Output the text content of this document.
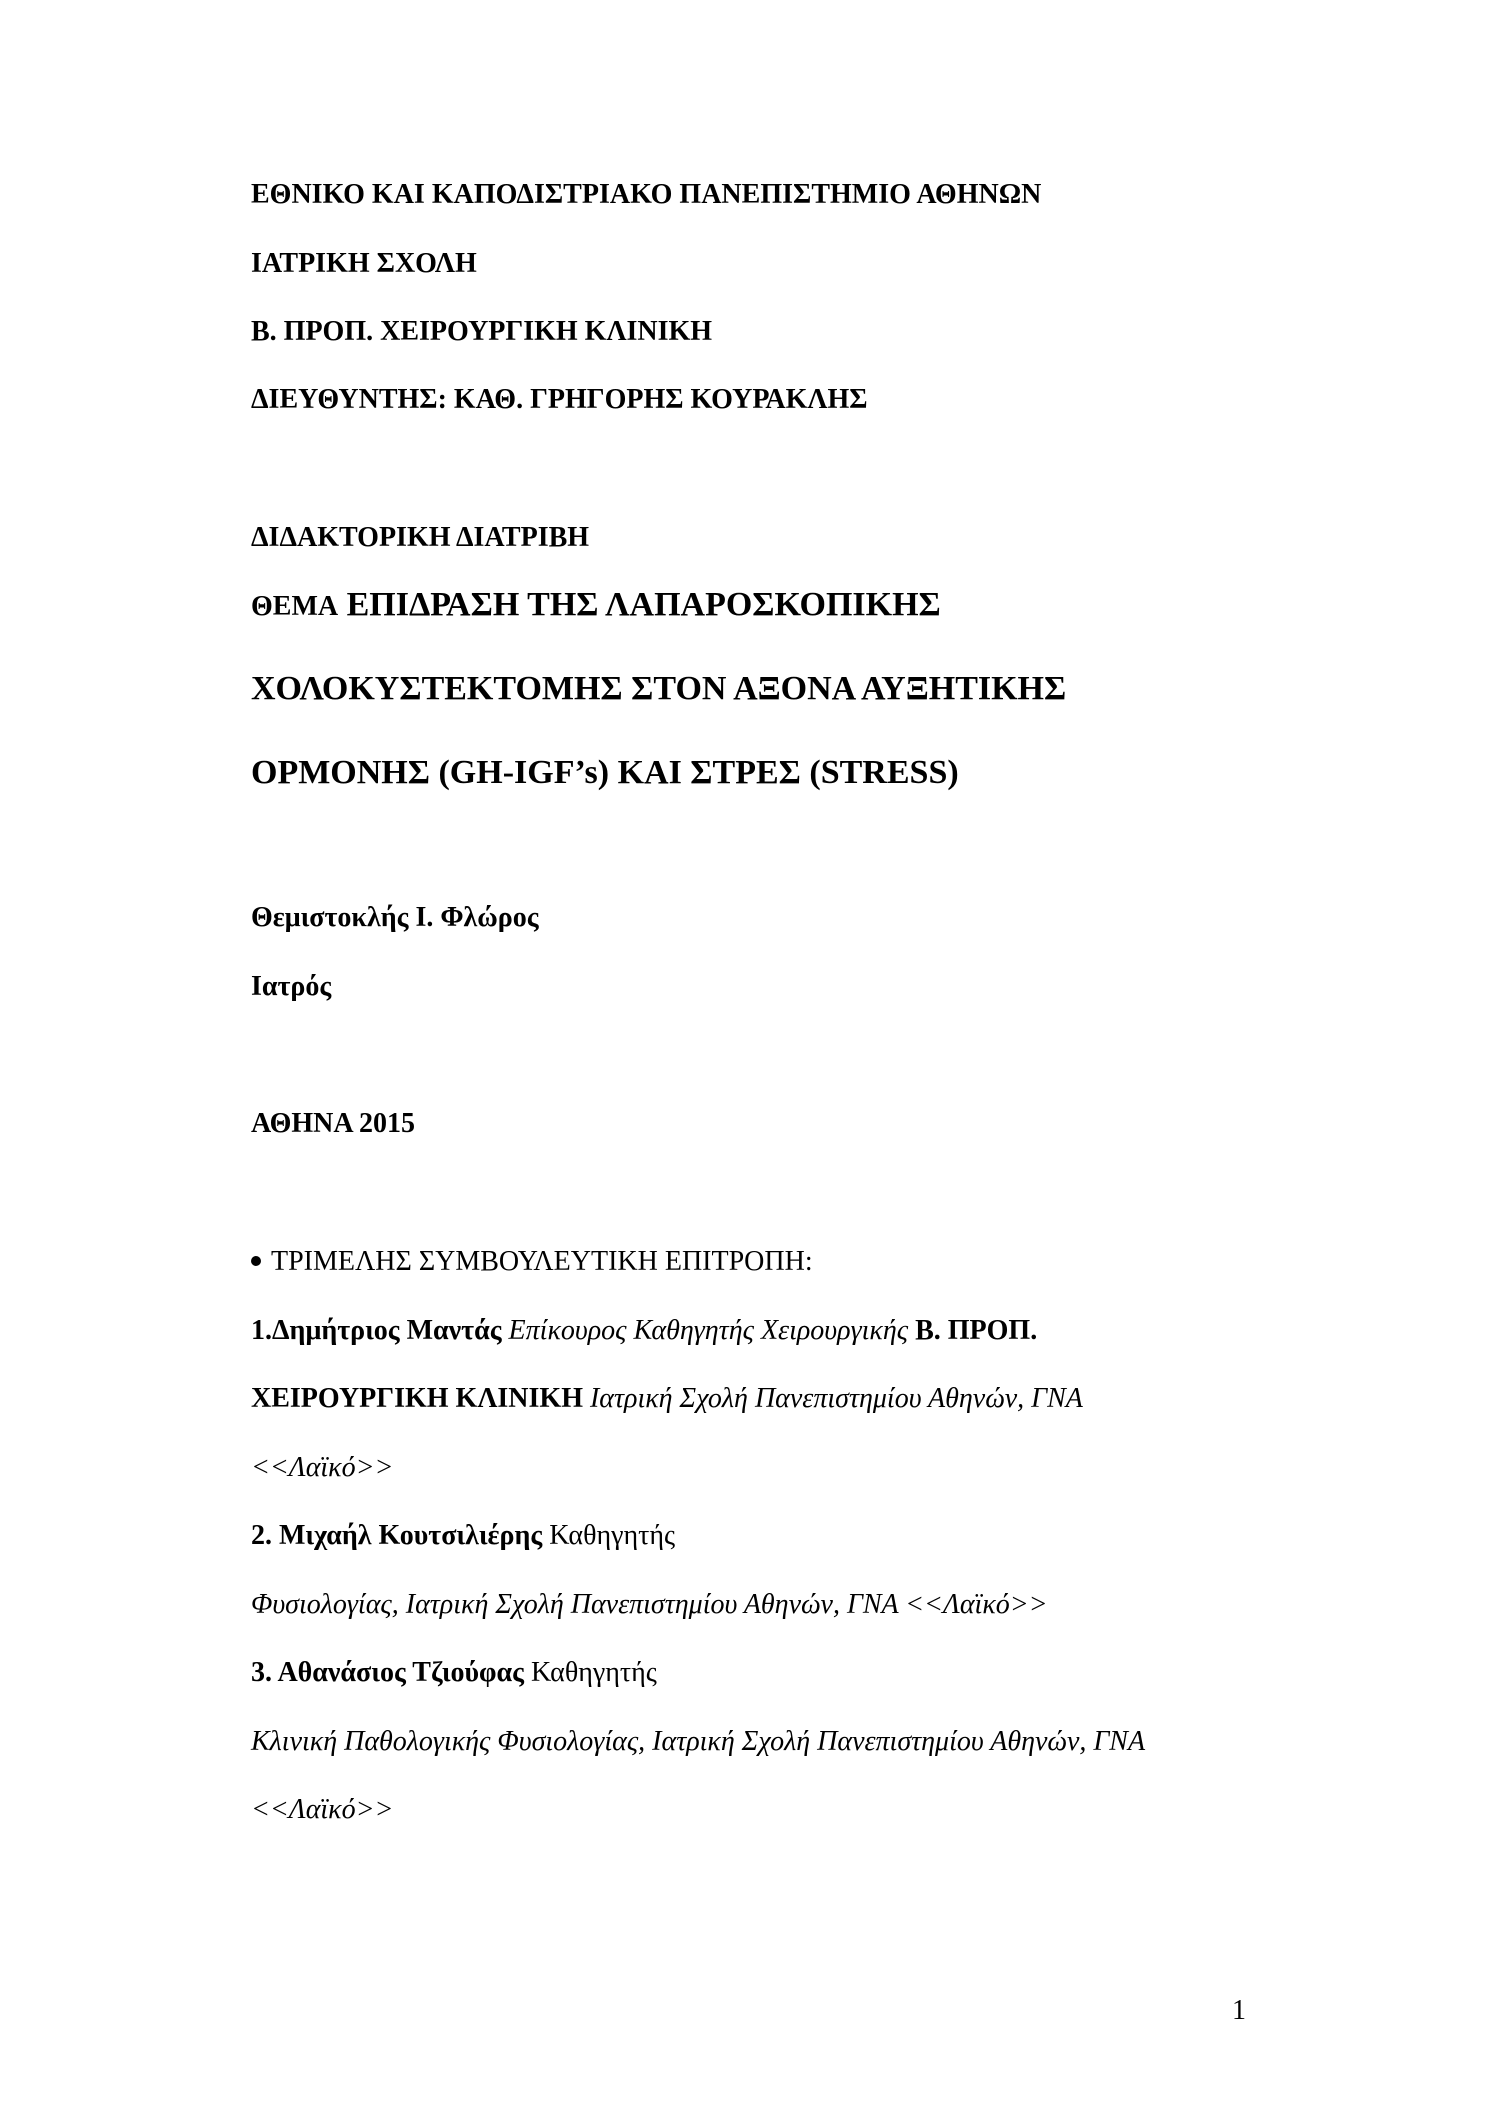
ΕΘΝΙΚΟ ΚΑΙ ΚΑΠΟΔΙΣΤΡΙΑΚΟ ΠΑΝΕΠΙΣΤΗΜΙΟ ΑΘΗΝΩΝ
ΙΑΤΡΙΚΗ ΣΧΟΛΗ
Β. ΠΡΟΠ. ΧΕΙΡΟΥΡΓΙΚΗ ΚΛΙΝΙΚΗ
ΔΙΕΥΘΥΝΤΗΣ: ΚΑΘ. ΓΡΗΓΟΡΗΣ ΚΟΥΡΑΚΛΗΣ
ΔΙΔΑΚΤΟΡΙΚΗ ΔΙΑΤΡΙΒΗ
ΘΕΜΑ ΕΠΙΔΡΑΣΗ ΤΗΣ ΛΑΠΑΡΟΣΚΟΠΙΚΗΣ
ΧΟΛΟΚΥΣΤΕΚΤΟΜΗΣ ΣΤΟΝ ΑΞΟΝΑ ΑΥΞΗΤΙΚΗΣ
ΟΡΜΟΝΗΣ (GH-IGF’s) ΚΑΙ ΣΤΡΕΣ (STRESS)
Θεμιστοκλής Ι. Φλώρος
Ιατρός
ΑΘΗΝΑ 2015
ΤΡΙΜΕΛΗΣ ΣΥΜΒΟΥΛΕΥΤΙΚΗ ΕΠΙΤΡΟΠΗ:
1.Δημήτριος Μαντάς Επίκουρος Καθηγητής Χειρουργικής Β. ΠΡΟΠ.
ΧΕΙΡΟΥΡΓΙΚΗ ΚΛΙΝΙΚΗ Ιατρική Σχολή Πανεπιστημίου Αθηνών, ΓΝΑ
<<Λαϊκό>>
2. Μιχαήλ Κουτσιλιέρης Καθηγητής
Φυσιολογίας, Ιατρική Σχολή Πανεπιστημίου Αθηνών, ΓΝΑ <<Λαϊκό>>
3. Αθανάσιος Τζιούφας Καθηγητής
Κλινική Παθολογικής Φυσιολογίας, Ιατρική Σχολή Πανεπιστημίου Αθηνών, ΓΝΑ
<<Λαϊκό>>
1
